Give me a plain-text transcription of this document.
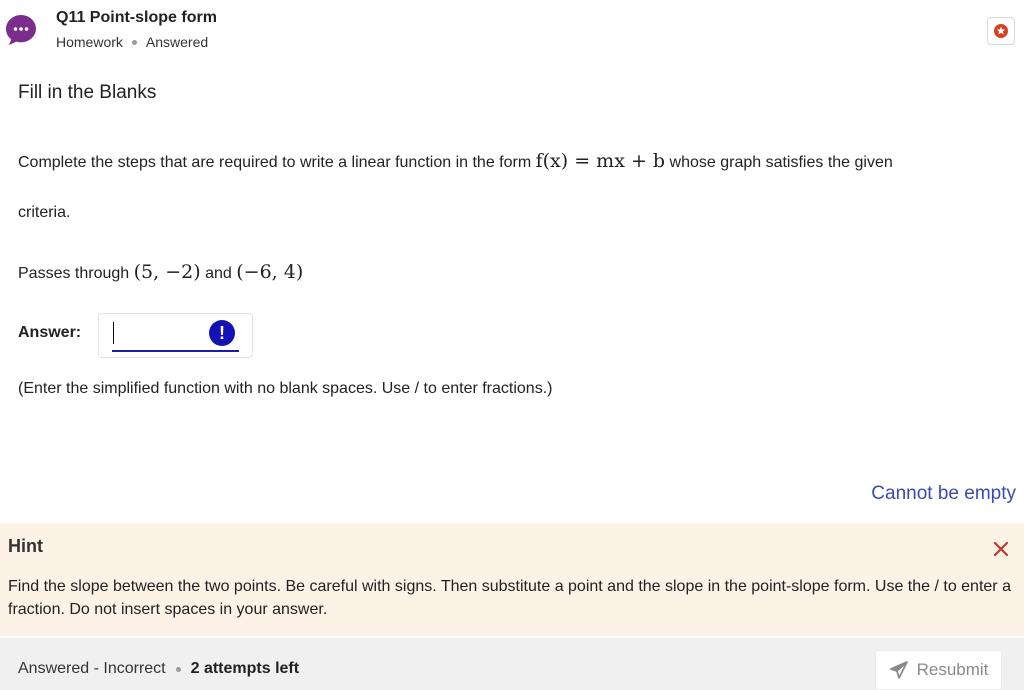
Q11 Point-slope form
Homework Answered
Fill in the Blanks
Complete the steps that are required to write a linear function in the form f(x) = mx + b whose graph satisfies the given
criteria.
Passes through (5, −2) and (−6, 4)
Answer:	!
(Enter the simplified function with no blank spaces. Use / to enter fractions.)
Cannot be empty
Hint
Find the slope between the two points. Be careful with signs. Then substitute a point and the slope in the point-slope form. Use the / to enter a fraction. Do not insert spaces in your answer.
Answered - Incorrect 2 attempts left	Resubmit
